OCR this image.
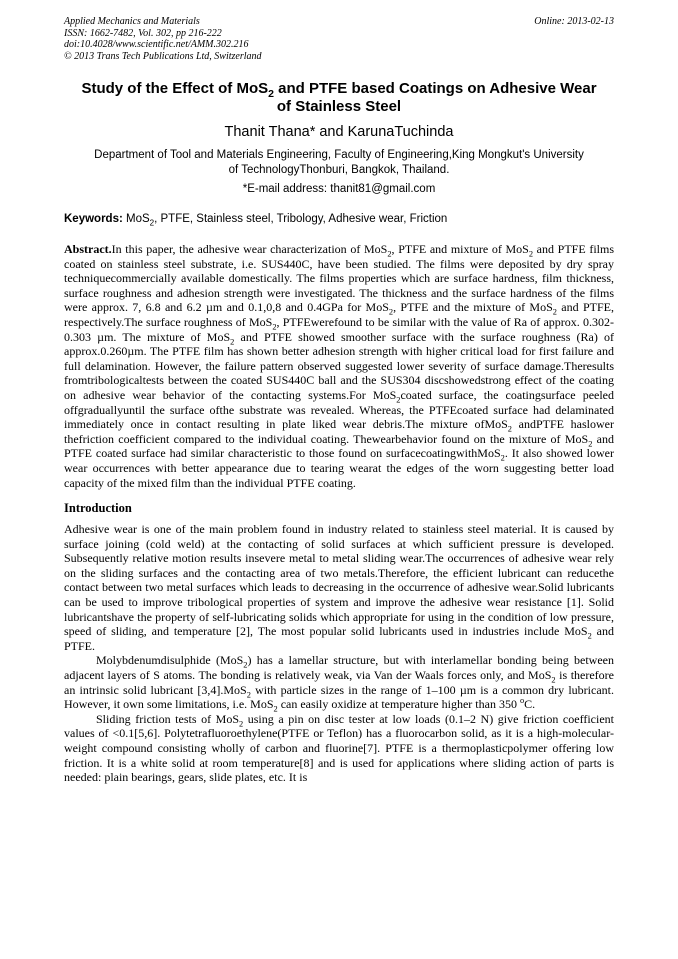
Applied Mechanics and Materials
ISSN: 1662-7482, Vol. 302, pp 216-222
doi:10.4028/www.scientific.net/AMM.302.216
© 2013 Trans Tech Publications Ltd, Switzerland
Online: 2013-02-13
Study of the Effect of MoS$_2$ and PTFE based Coatings on Adhesive Wear
of Stainless Steel
Thanit Thana* and KarunaTuchinda
Department of Tool and Materials Engineering, Faculty of Engineering,King Mongkut's University
of TechnologyThonburi, Bangkok, Thailand.
*E-mail address: thanit81@gmail.com
Keywords: MoS$_2$, PTFE, Stainless steel, Tribology, Adhesive wear, Friction
Abstract.In this paper, the adhesive wear characterization of MoS$_2$, PTFE and mixture of MoS$_2$ and PTFE films coated on stainless steel substrate, i.e. SUS440C, have been studied. The films were deposited by dry spray techniquecommercially available domestically. The films properties which are surface hardness, film thickness, surface roughness and adhesion strength were investigated. The thickness and the surface hardness of the films were approx. 7, 6.8 and 6.2 µm and 0.1,0,8 and 0.4GPa for MoS$_2$, PTFE and the mixture of MoS$_2$ and PTFE, respectively.The surface roughness of MoS$_2$, PTFEwerefound to be similar with the value of Ra of approx. 0.302-0.303 µm. The mixture of MoS$_2$ and PTFE showed smoother surface with the surface roughness (Ra) of approx.0.260µm. The PTFE film has shown better adhesion strength with higher critical load for first failure and full delamination. However, the failure pattern observed suggested lower severity of surface damage.Theresults fromtribologicaltests between the coated SUS440C ball and the SUS304 discshowedstrong effect of the coating on adhesive wear behavior of the contacting systems.For MoS$_2$coated surface, the coatingsurface peeled offgraduallyuntil the surface ofthe substrate was revealed. Whereas, the PTFEcoated surface had delaminated immediately once in contact resulting in plate liked wear debris.The mixture ofMoS$_2$ andPTFE haslower thefriction coefficient compared to the individual coating. Thewearbehavior found on the mixture of MoS$_2$ and PTFE coated surface had similar characteristic to those found on surfacecoatingwithMoS$_2$. It also showed lower wear occurrences with better appearance due to tearing wearat the edges of the worn suggesting better load capacity of the mixed film than the individual PTFE coating.
Introduction
Adhesive wear is one of the main problem found in industry related to stainless steel material. It is caused by surface joining (cold weld) at the contacting of solid surfaces at which sufficient pressure is developed. Subsequently relative motion results insevere metal to metal sliding wear.The occurrences of adhesive wear rely on the sliding surfaces and the contacting area of two metals.Therefore, the efficient lubricant can reducethe contact between two metal surfaces which leads to decreasing in the occurrence of adhesive wear.Solid lubricants can be used to improve tribological properties of system and improve the adhesive wear resistance [1]. Solid lubricantshave the property of self-lubricating solids which appropriate for using in the condition of low pressure, speed of sliding, and temperature [2], The most popular solid lubricants used in industries include MoS$_2$ and PTFE.
Molybdenumdisulphide (MoS$_2$) has a lamellar structure, but with interlamellar bonding being between adjacent layers of S atoms. The bonding is relatively weak, via Van der Waals forces only, and MoS$_2$ is therefore an intrinsic solid lubricant [3,4].MoS$_2$ with particle sizes in the range of 1–100 µm is a common dry lubricant. However, it own some limitations, i.e. MoS$_2$ can easily oxidize at temperature higher than 350 $^o$C.
Sliding friction tests of MoS$_2$ using a pin on disc tester at low loads (0.1–2 N) give friction coefficient values of <0.1[5,6]. Polytetrafluoroethylene(PTFE or Teflon) has a fluorocarbon solid, as it is a high-molecular-weight compound consisting wholly of carbon and fluorine[7]. PTFE is a thermoplasticpolymer offering low friction. It is a white solid at room temperature[8] and is used for applications where sliding action of parts is needed: plain bearings, gears, slide plates, etc. It is
